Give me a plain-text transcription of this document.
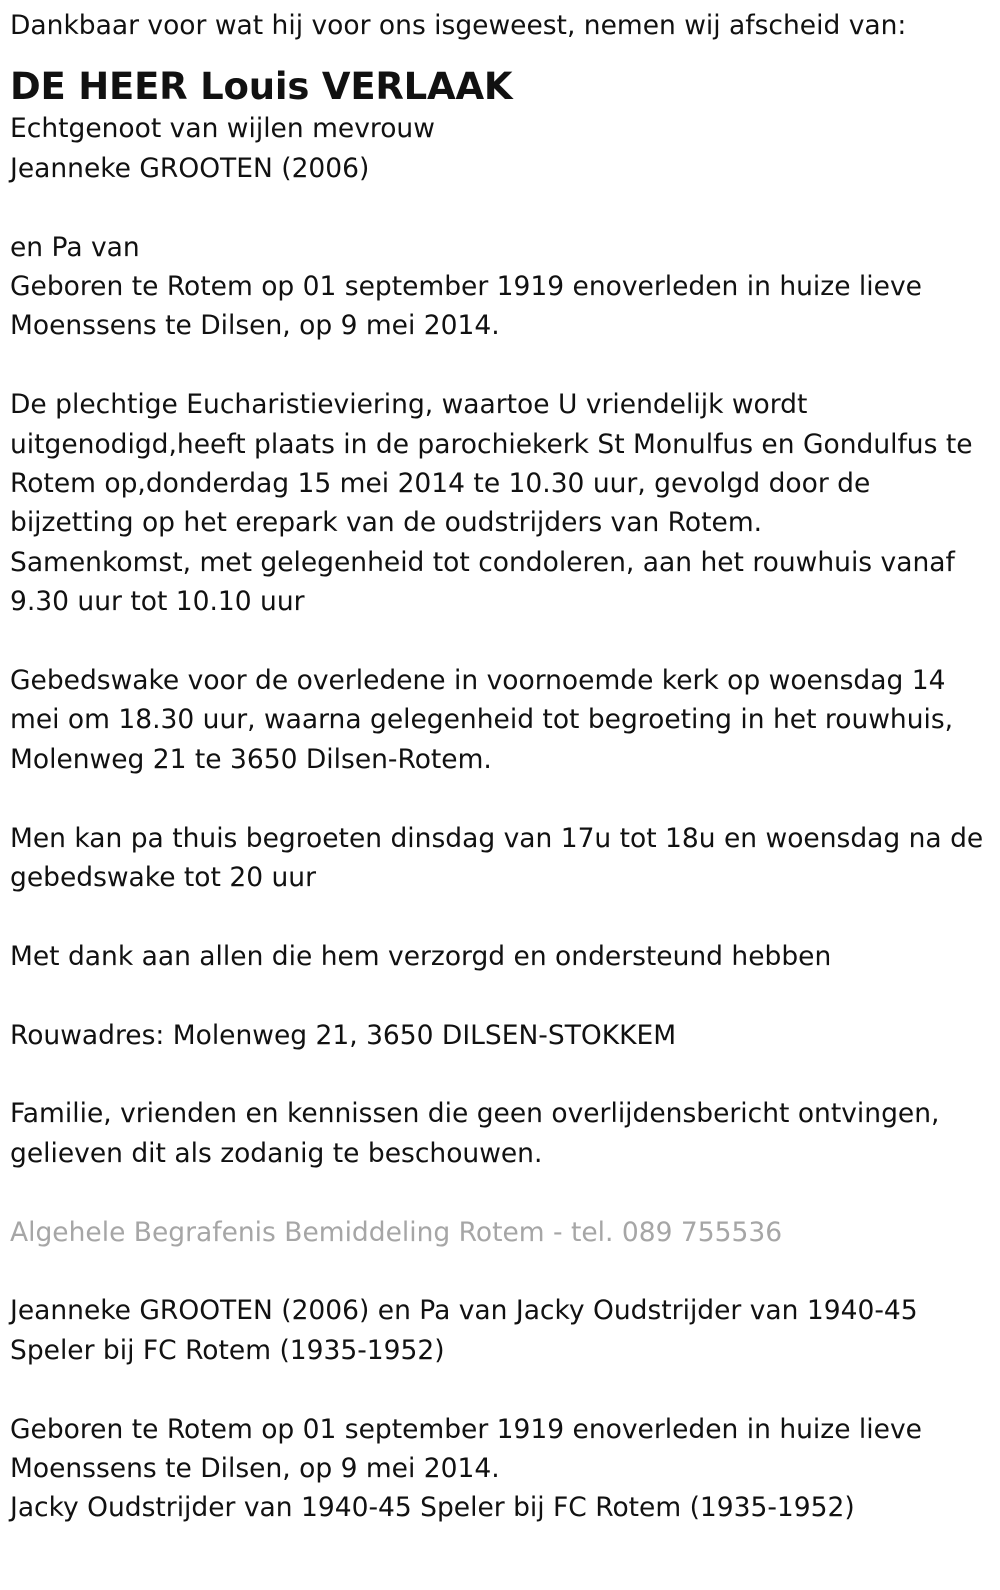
Dankbaar voor wat hij voor ons isgeweest, nemen wij afscheid van:
DE HEER Louis VERLAAK
Echtgenoot van wijlen mevrouw
Jeanneke GROOTEN (2006)
en Pa van
Geboren te Rotem op 01 september 1919 enoverleden in huize lieve
Moenssens te Dilsen, op 9 mei 2014.
De plechtige Eucharistieviering, waartoe U vriendelijk wordt
uitgenodigd,heeft plaats in de parochiekerk St Monulfus en Gondulfus te
Rotem op,donderdag 15 mei 2014 te 10.30 uur, gevolgd door de
bijzetting op het erepark van de oudstrijders van Rotem.
Samenkomst, met gelegenheid tot condoleren, aan het rouwhuis vanaf
9.30 uur tot 10.10 uur
Gebedswake voor de overledene in voornoemde kerk op woensdag 14
mei om 18.30 uur, waarna gelegenheid tot begroeting in het rouwhuis,
Molenweg 21 te 3650 Dilsen-Rotem.
Men kan pa thuis begroeten dinsdag van 17u tot 18u en woensdag na de
gebedswake tot 20 uur
Met dank aan allen die hem verzorgd en ondersteund hebben
Rouwadres: Molenweg 21, 3650 DILSEN-STOKKEM
Familie, vrienden en kennissen die geen overlijdensbericht ontvingen,
gelieven dit als zodanig te beschouwen.
Algehele Begrafenis Bemiddeling Rotem - tel. 089 755536
Jeanneke GROOTEN (2006) en Pa van Jacky Oudstrijder van 1940-45
Speler bij FC Rotem (1935-1952)
Geboren te Rotem op 01 september 1919 enoverleden in huize lieve
Moenssens te Dilsen, op 9 mei 2014.
Jacky Oudstrijder van 1940-45 Speler bij FC Rotem (1935-1952)
